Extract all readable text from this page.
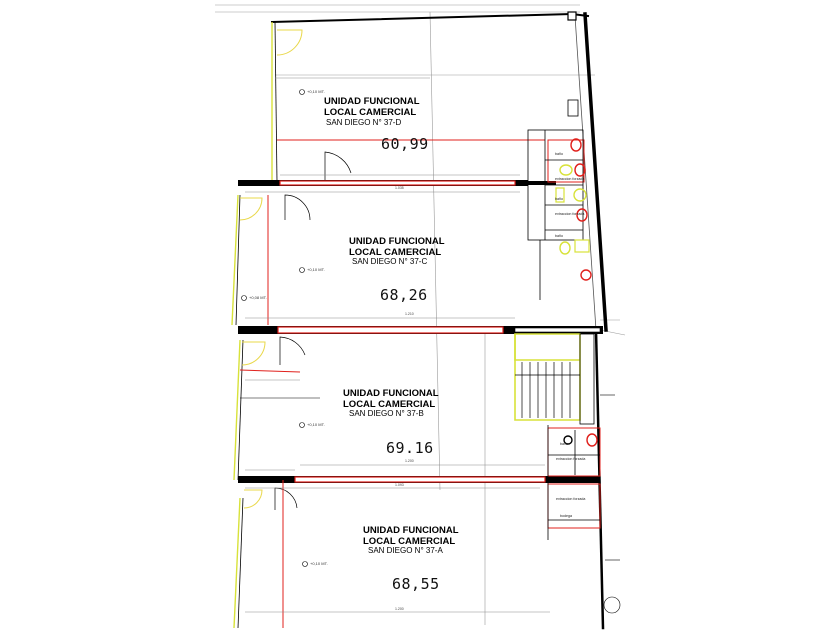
1.035
1.210
1.200
1.093
1.200
+0,10 MT.
+0,10 MT.
+0,08 MT.
+0,10 MT.
+0,10 MT.
baño
extraccion forzada
baño
extraccion forzada
baño
baño
extraccion forzada
extraccion forzada
bodega
UNIDAD FUNCIONAL
LOCAL CAMERCIAL
SAN DIEGO N° 37-D
60,99
UNIDAD FUNCIONAL
LOCAL CAMERCIAL
SAN DIEGO N° 37-C
68,26
UNIDAD FUNCIONAL
LOCAL CAMERCIAL
SAN DIEGO N° 37-B
69.16
UNIDAD FUNCIONAL
LOCAL CAMERCIAL
SAN DIEGO N° 37-A
68,55
